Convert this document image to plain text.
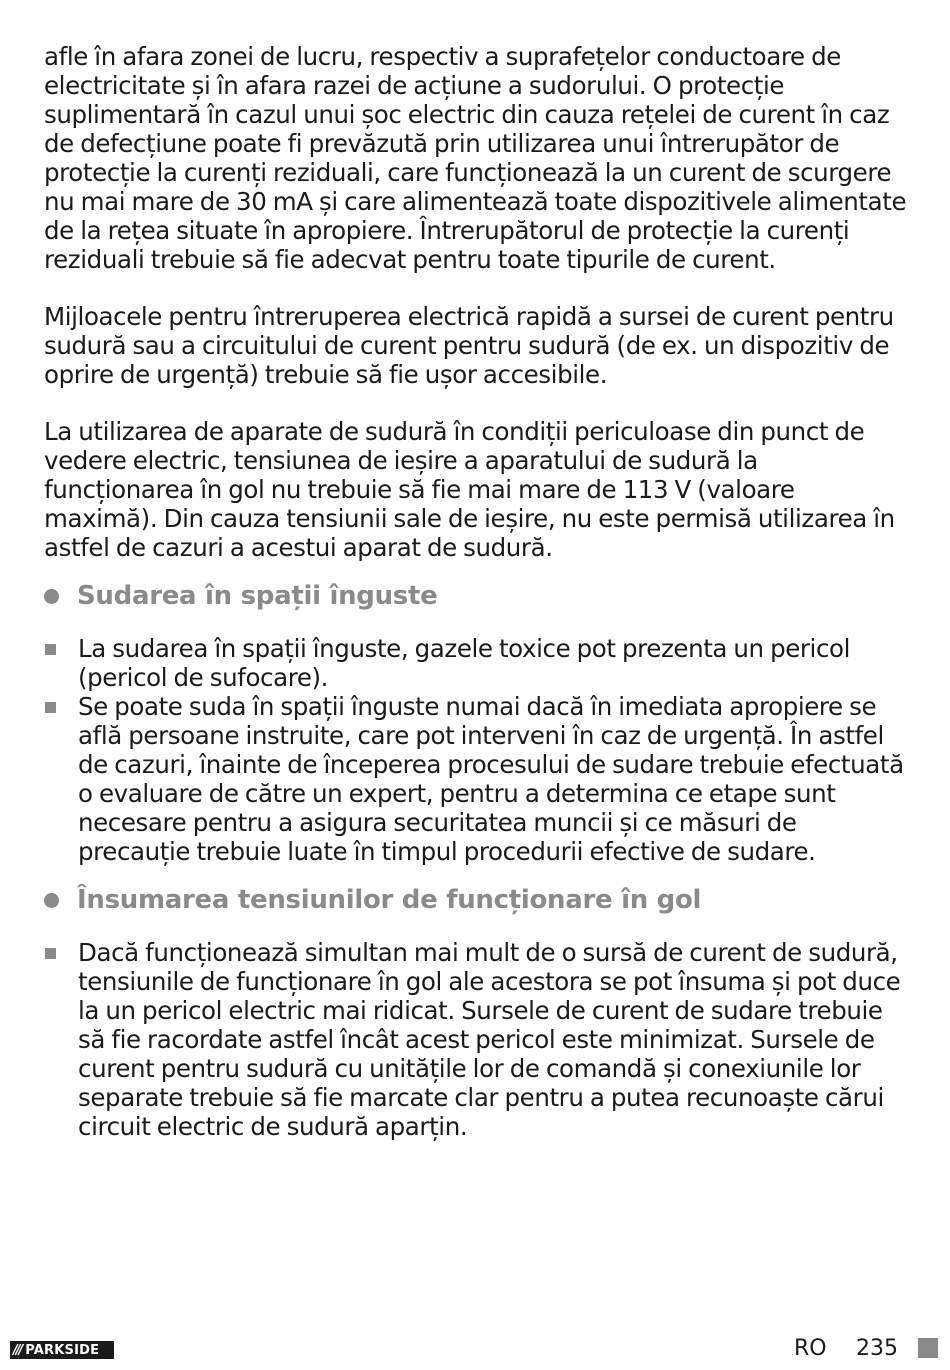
afle în afara zonei de lucru, respectiv a suprafețelor conductoare de electricitate și în afara razei de acțiune a sudorului. O protecție suplimentară în cazul unui șoc electric din cauza rețelei de curent în caz de defecțiune poate fi prevăzută prin utilizarea unui întrerupător de protecție la curenți reziduali, care funcționează la un curent de scurgere nu mai mare de 30 mA și care alimentează toate dispozitivele alimentate de la rețea situate în apropiere. Întrerupătorul de protecție la curenți reziduali trebuie să fie adecvat pentru toate tipurile de curent.

Mijloacele pentru întreruperea electrică rapidă a sursei de curent pentru sudură sau a circuitului de curent pentru sudură (de ex. un dispozitiv de oprire de urgență) trebuie să fie ușor accesibile.

La utilizarea de aparate de sudură în condiții periculoase din punct de vedere electric, tensiunea de ieșire a aparatului de sudură la funcționarea în gol nu trebuie să fie mai mare de 113 V (valoare maximă). Din cauza tensiunii sale de ieșire, nu este permisă utilizarea în astfel de cazuri a acestui aparat de sudură.

Sudarea în spații înguste

La sudarea în spații înguste, gazele toxice pot prezenta un pericol (pericol de sufocare).

Se poate suda în spații înguste numai dacă în imediata apropiere se află persoane instruite, care pot interveni în caz de urgență. În astfel de cazuri, înainte de începerea procesului de sudare trebuie efectuată o evaluare de către un expert, pentru a determina ce etape sunt necesare pentru a asigura securitatea muncii și ce măsuri de precauție trebuie luate în timpul procedurii efective de sudare.

Însumarea tensiunilor de funcționare în gol

Dacă funcționează simultan mai mult de o sursă de curent de sudură, tensiunile de funcționare în gol ale acestora se pot însuma și pot duce la un pericol electric mai ridicat. Sursele de curent de sudare trebuie să fie racordate astfel încât acest pericol este minimizat. Sursele de curent pentru sudură cu unitățile lor de comandă și conexiunile lor separate trebuie să fie marcate clar pentru a putea recunoaște cărui circuit electric de sudură aparțin.

/// PARKSIDE	RO 235
